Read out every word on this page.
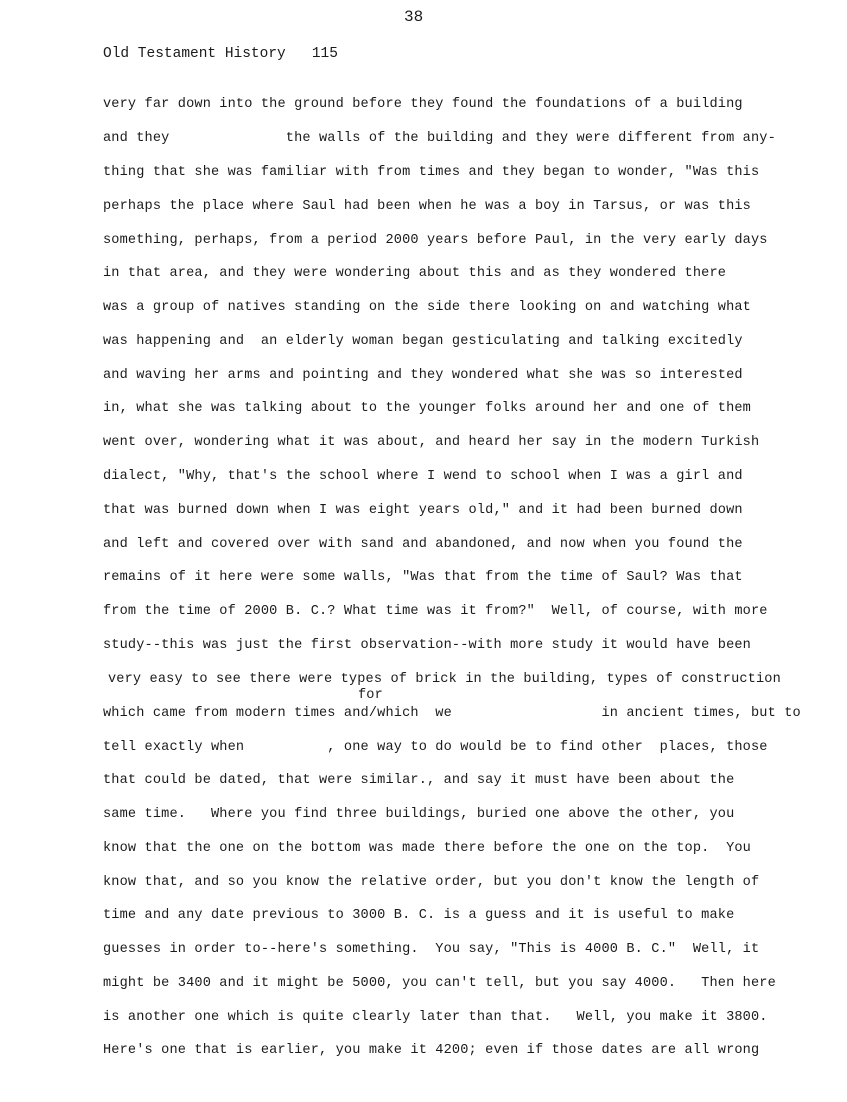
38
Old Testament History   115
very far down into the ground before they found the foundations of a building
and they              the walls of the building and they were different from any-
thing that she was familiar with from times and they began to wonder, "Was this
perhaps the place where Saul had been when he was a boy in Tarsus, or was this
something, perhaps, from a period 2000 years before Paul, in the very early days
in that area, and they were wondering about this and as they wondered there
was a group of natives standing on the side there looking on and watching what
was happening and  an elderly woman began gesticulating and talking excitedly
and waving her arms and pointing and they wondered what she was so interested
in, what she was talking about to the younger folks around her and one of them
went over, wondering what it was about, and heard her say in the modern Turkish
dialect, "Why, that's the school where I wend to school when I was a girl and
that was burned down when I was eight years old," and it had been burned down
and left and covered over with sand and abandoned, and now when you found the
remains of it here were some walls, "Was that from the time of Saul? Was that
from the time of 2000 B. C.? What time was it from?"  Well, of course, with more
study--this was just the first observation--with more study it would have been
very easy to see there were types of brick in the building, types of construction
for
which came from modern times and/which  we                  in ancient times, but to
tell exactly when          , one way to do would be to find other  places, those
that could be dated, that were similar., and say it must have been about the
same time.   Where you find three buildings, buried one above the other, you
know that the one on the bottom was made there before the one on the top.  You
know that, and so you know the relative order, but you don't know the length of
time and any date previous to 3000 B. C. is a guess and it is useful to make
guesses in order to--here's something.  You say, "This is 4000 B. C."  Well, it
might be 3400 and it might be 5000, you can't tell, but you say 4000.   Then here
is another one which is quite clearly later than that.   Well, you make it 3800.
Here's one that is earlier, you make it 4200; even if those dates are all wrong
